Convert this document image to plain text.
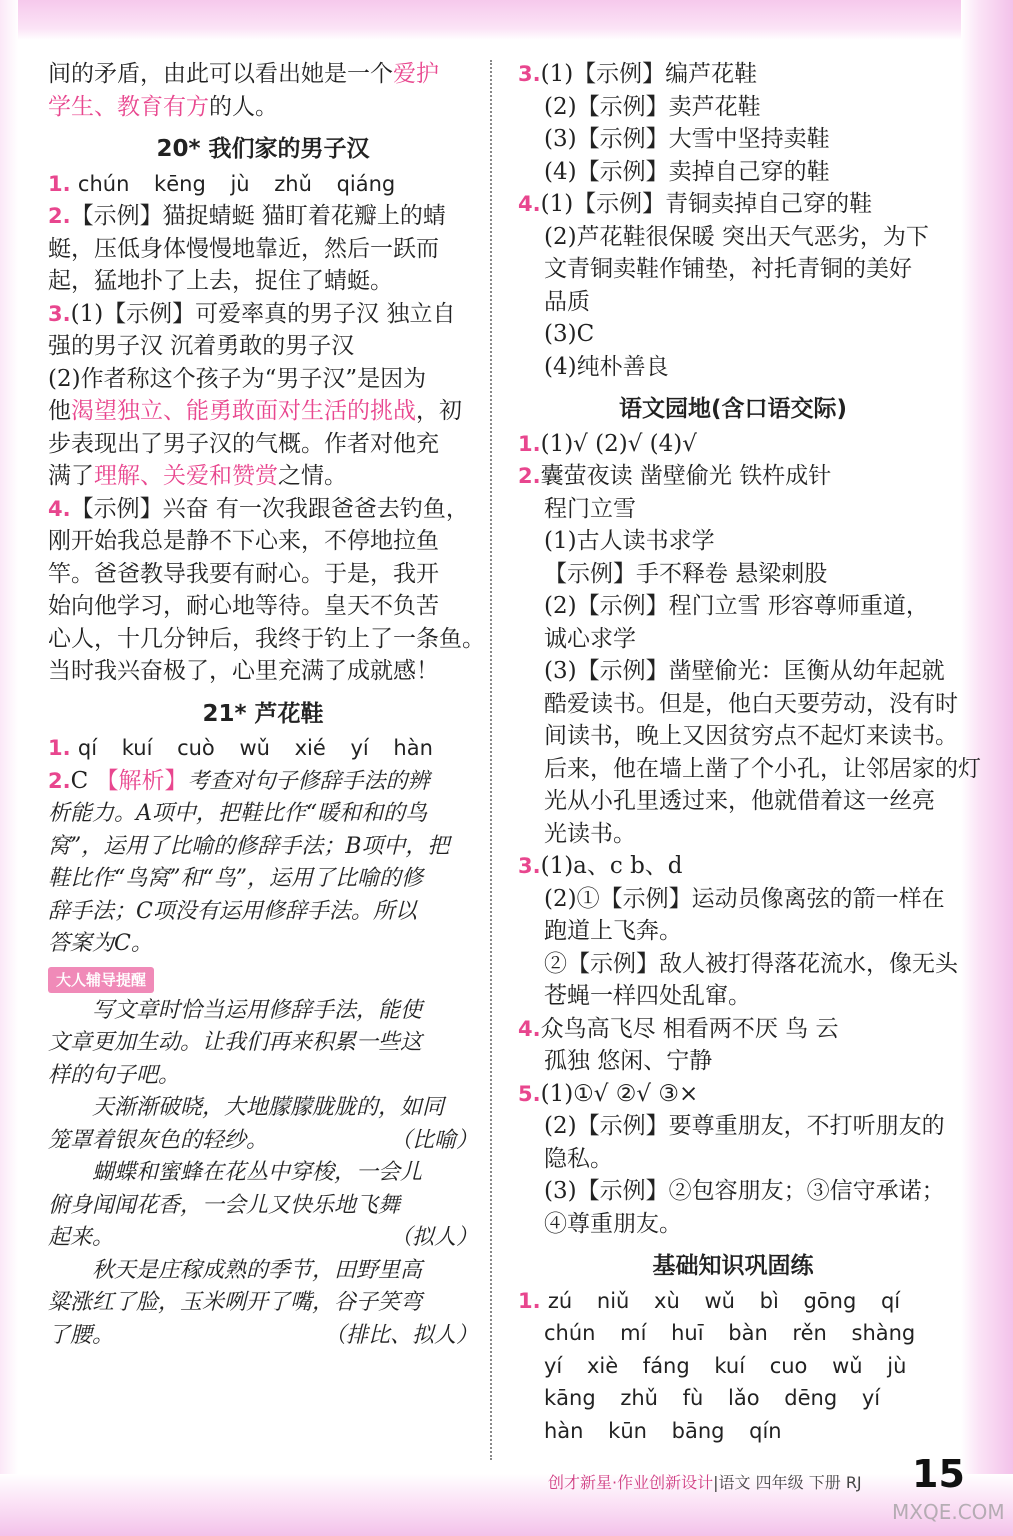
间的矛盾，由此可以看出她是一个爱护
学生、教育有方的人。
20* 我们家的男子汉
1. chún kēng jù zhǔ qiáng
2.【示例】猫捉蜻蜓 猫盯着花瓣上的蜻
蜓，压低身体慢慢地靠近，然后一跃而
起，猛地扑了上去，捉住了蜻蜓。
3.(1)【示例】可爱率真的男子汉 独立自
强的男子汉 沉着勇敢的男子汉
(2)作者称这个孩子为“男子汉”是因为
他渴望独立、能勇敢面对生活的挑战，初
步表现出了男子汉的气概。作者对他充
满了理解、关爱和赞赏之情。
4.【示例】兴奋 有一次我跟爸爸去钓鱼，
刚开始我总是静不下心来，不停地拉鱼
竿。爸爸教导我要有耐心。于是，我开
始向他学习，耐心地等待。皇天不负苦
心人，十几分钟后，我终于钓上了一条鱼。
当时我兴奋极了，心里充满了成就感！
21* 芦花鞋
1. qí kuí cuò wǔ xié yí hàn
2.C 【解析】考查对句子修辞手法的辨
析能力。A项中，把鞋比作“暖和和的鸟
窝”，运用了比喻的修辞手法；B项中，把
鞋比作“鸟窝”和“鸟”，运用了比喻的修
辞手法；C项没有运用修辞手法。所以
答案为C。
大人辅导提醒
写文章时恰当运用修辞手法，能使
文章更加生动。让我们再来积累一些这
样的句子吧。
天渐渐破晓，大地朦朦胧胧的，如同
笼罩着银灰色的轻纱。	（比喻）
蝴蝶和蜜蜂在花丛中穿梭，一会儿
俯身闻闻花香，一会儿又快乐地飞舞
起来。	（拟人）
秋天是庄稼成熟的季节，田野里高
粱涨红了脸，玉米咧开了嘴，谷子笑弯
了腰。	（排比、拟人）
3.(1)【示例】编芦花鞋
(2)【示例】卖芦花鞋
(3)【示例】大雪中坚持卖鞋
(4)【示例】卖掉自己穿的鞋
4.(1)【示例】青铜卖掉自己穿的鞋
(2)芦花鞋很保暖 突出天气恶劣，为下
文青铜卖鞋作铺垫，衬托青铜的美好
品质
(3)C
(4)纯朴善良
语文园地(含口语交际)
1.(1)√ (2)√ (4)√
2.囊萤夜读 凿壁偷光 铁杵成针
程门立雪
(1)古人读书求学
【示例】手不释卷 悬梁刺股
(2)【示例】程门立雪 形容尊师重道，
诚心求学
(3)【示例】凿壁偷光：匡衡从幼年起就
酷爱读书。但是，他白天要劳动，没有时
间读书，晚上又因贫穷点不起灯来读书。
后来，他在墙上凿了个小孔，让邻居家的灯
光从小孔里透过来，他就借着这一丝亮
光读书。
3.(1)a、c b、d
(2)①【示例】运动员像离弦的箭一样在
跑道上飞奔。
②【示例】敌人被打得落花流水，像无头
苍蝇一样四处乱窜。
4.众鸟高飞尽 相看两不厌 鸟 云
孤独 悠闲、宁静
5.(1)①√ ②√ ③×
(2)【示例】要尊重朋友，不打听朋友的
隐私。
(3)【示例】②包容朋友；③信守承诺；
④尊重朋友。
基础知识巩固练
1. zú niǔ xù wǔ bì gōng qí
chún mí huī bàn rěn shàng
yí xiè fáng kuí cuo wǔ jù
kāng zhǔ fù lǎo dēng yí
hàn kūn bāng qín
创才新星·作业创新设计|语文 四年级 下册 RJ 15
MXQE.COM
